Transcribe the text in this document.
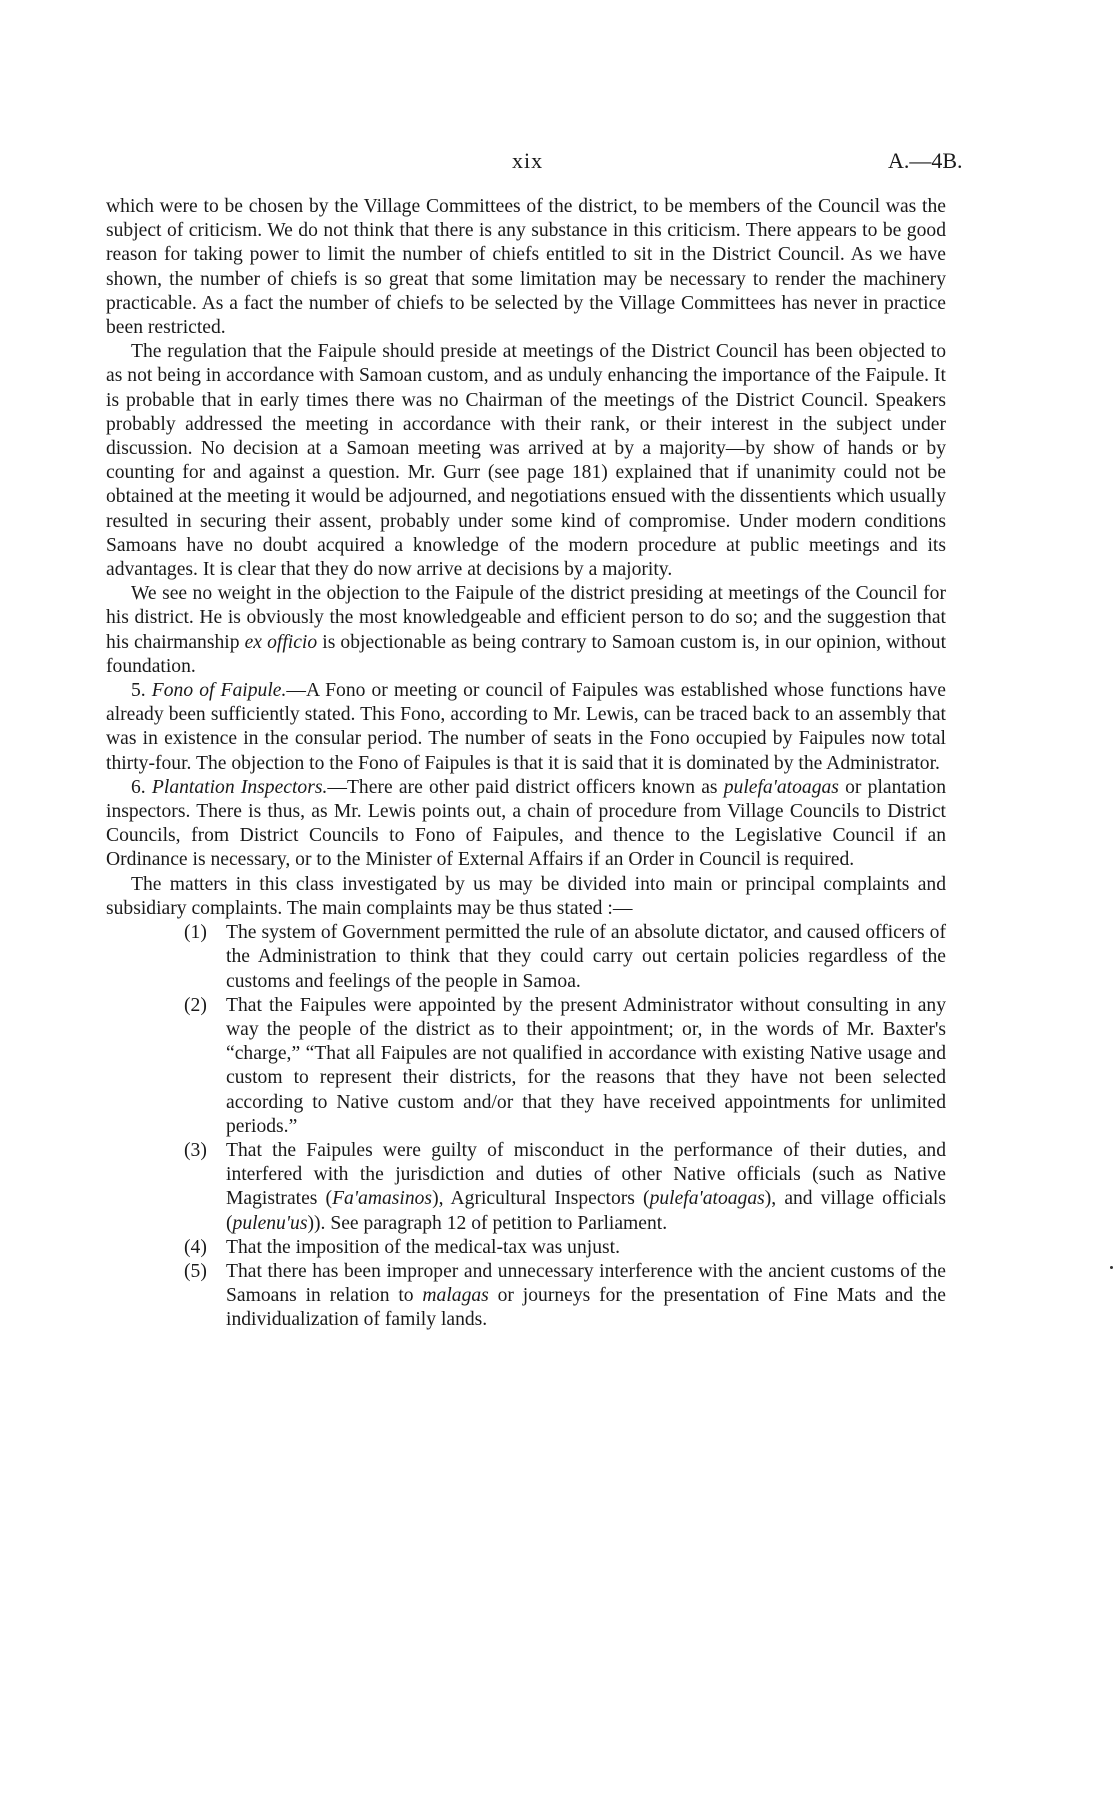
xix	A.—4B.

which were to be chosen by the Village Committees of the district, to be members of the Council was the subject of criticism. We do not think that there is any substance in this criticism. There appears to be good reason for taking power to limit the number of chiefs entitled to sit in the District Council. As we have shown, the number of chiefs is so great that some limitation may be necessary to render the machinery practicable. As a fact the number of chiefs to be selected by the Village Committees has never in practice been restricted.

The regulation that the Faipule should preside at meetings of the District Council has been objected to as not being in accordance with Samoan custom, and as unduly enhancing the importance of the Faipule. It is probable that in early times there was no Chairman of the meetings of the District Council. Speakers probably addressed the meeting in accordance with their rank, or their interest in the subject under discussion. No decision at a Samoan meeting was arrived at by a majority—by show of hands or by counting for and against a question. Mr. Gurr (see page 181) explained that if unanimity could not be obtained at the meeting it would be adjourned, and negotiations ensued with the dissentients which usually resulted in securing their assent, probably under some kind of compromise. Under modern conditions Samoans have no doubt acquired a knowledge of the modern procedure at public meetings and its advantages. It is clear that they do now arrive at decisions by a majority.

We see no weight in the objection to the Faipule of the district presiding at meetings of the Council for his district. He is obviously the most knowledgeable and efficient person to do so; and the suggestion that his chairmanship ex officio is objectionable as being contrary to Samoan custom is, in our opinion, without foundation.

5. Fono of Faipule.—A Fono or meeting or council of Faipules was established whose functions have already been sufficiently stated. This Fono, according to Mr. Lewis, can be traced back to an assembly that was in existence in the consular period. The number of seats in the Fono occupied by Faipules now total thirty-four. The objection to the Fono of Faipules is that it is said that it is dominated by the Administrator.

6. Plantation Inspectors.—There are other paid district officers known as pulefa'atoagas or plantation inspectors. There is thus, as Mr. Lewis points out, a chain of procedure from Village Councils to District Councils, from District Councils to Fono of Faipules, and thence to the Legislative Council if an Ordinance is necessary, or to the Minister of External Affairs if an Order in Council is required.

The matters in this class investigated by us may be divided into main or principal complaints and subsidiary complaints. The main complaints may be thus stated :—

(1) The system of Government permitted the rule of an absolute dictator, and caused officers of the Administration to think that they could carry out certain policies regardless of the customs and feelings of the people in Samoa.
(2) That the Faipules were appointed by the present Administrator without consulting in any way the people of the district as to their appointment; or, in the words of Mr. Baxter's “charge,” “That all Faipules are not qualified in accordance with existing Native usage and custom to represent their districts, for the reasons that they have not been selected according to Native custom and/or that they have received appointments for unlimited periods.”
(3) That the Faipules were guilty of misconduct in the performance of their duties, and interfered with the jurisdiction and duties of other Native officials (such as Native Magistrates (Fa'amasinos), Agricultural Inspectors (pulefa'atoagas), and village officials (pulenu'us)). See paragraph 12 of petition to Parliament.
(4) That the imposition of the medical-tax was unjust.
(5) That there has been improper and unnecessary interference with the ancient customs of the Samoans in relation to malagas or journeys for the presentation of Fine Mats and the individualization of family lands.
